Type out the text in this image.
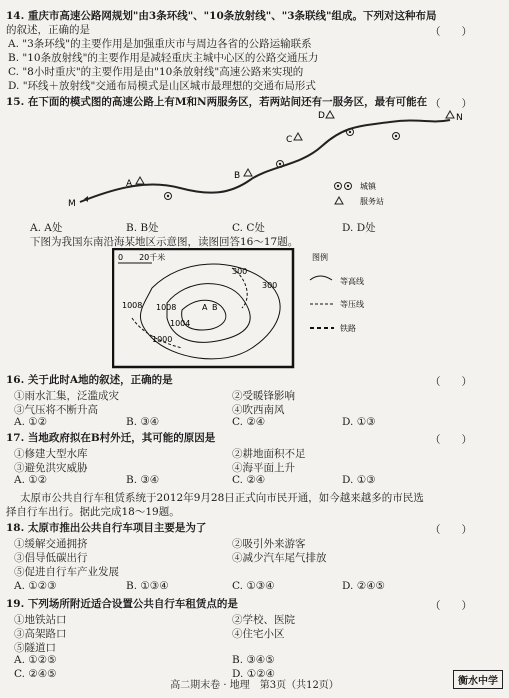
14. 重庆市高速公路网规划"由3条环线"、"10条放射线"、"3条联线"组成。下列对这种布局
的叙述，正确的是	（　　）
A. "3条环线"的主要作用是加强重庆市与周边各省的公路运输联系
B. "10条放射线"的主要作用是减轻重庆主城中心区的公路交通压力
C. "8小时重庆"的主要作用是由"10条放射线"高速公路来实现的
D. "环线＋放射线"交通布局模式是山区城市最理想的交通布局形式
15. 在下面的模式图的高速公路上有M和N两服务区，若两站间还有一服务区，最有可能在 （　　）
M
A
B
C
D	N
城镇
服务站
A. A处	B. B处	C. C处	D. D处
下图为我国东南沿海某地区示意图，读图回答16～17题。
0　　20千米
300
300
1008
1004
1008
1000
A B
图例
等高线
等压线
铁路
16. 关于此时A地的叙述，正确的是	（　　）
①雨水汇集，泛滥成灾	②受暖锋影响
③气压将不断升高	④吹西南风
A. ①②	B. ③④	C. ②④	D. ①③
17. 当地政府拟在B村外迁，其可能的原因是	（　　）
①修建大型水库	②耕地面积不足
③避免洪灾威胁	④海平面上升
A. ①②	B. ③④	C. ②④	D. ①③
太原市公共自行车租赁系统于2012年9月28日正式向市民开通，如今越来越多的市民选
择自行车出行。据此完成18～19题。
18. 太原市推出公共自行车项目主要是为了	（　　）
①缓解交通拥挤	②吸引外来游客
③倡导低碳出行	④减少汽车尾气排放
⑤促进自行车产业发展
A. ①②③	B. ①③④	C. ①③④	D. ②④⑤
19. 下列场所附近适合设置公共自行车租赁点的是	（　　）
①地铁站口	②学校、医院
③高架路口	④住宅小区
⑤隧道口
A. ①②⑤	B. ③④⑤
C. ②④⑤	D. ①②④
高二期末卷 · 地理　第3页（共12页）	衡水中学
